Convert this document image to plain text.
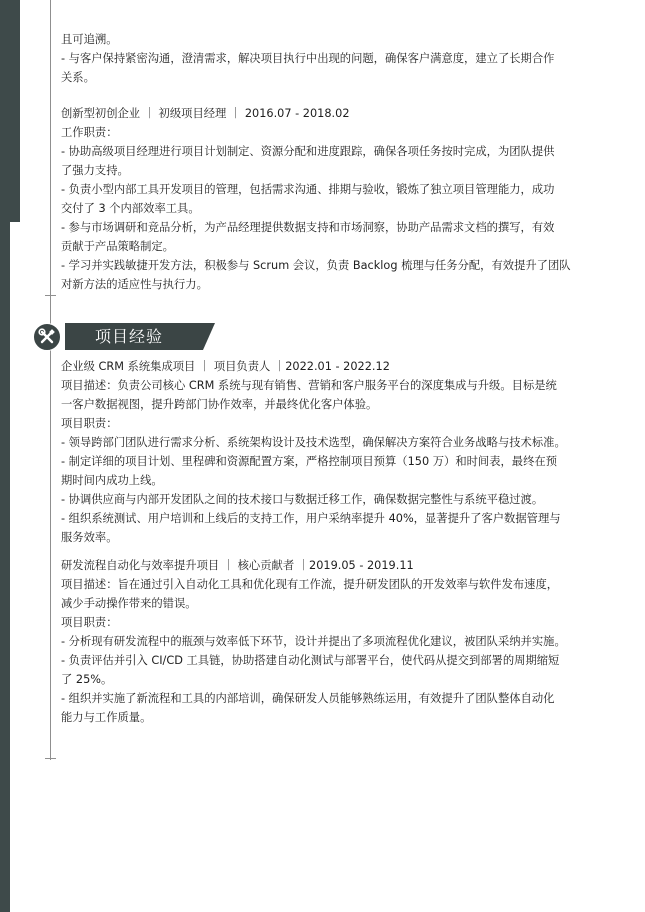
且可追溯。

- 与客户保持紧密沟通，澄清需求，解决项目执行中出现的问题，确保客户满意度，建立了长期合作

关系。

创新型初创企业 ｜ 初级项目经理 ｜ 2016.07 - 2018.02

工作职责：

- 协助高级项目经理进行项目计划制定、资源分配和进度跟踪，确保各项任务按时完成，为团队提供

了强力支持。

- 负责小型内部工具开发项目的管理，包括需求沟通、排期与验收，锻炼了独立项目管理能力，成功

交付了 3 个内部效率工具。

- 参与市场调研和竞品分析，为产品经理提供数据支持和市场洞察，协助产品需求文档的撰写，有效

贡献于产品策略制定。

- 学习并实践敏捷开发方法，积极参与 Scrum 会议，负责 Backlog 梳理与任务分配，有效提升了团队

对新方法的适应性与执行力。

项目经验

企业级 CRM 系统集成项目 ｜ 项目负责人 ｜2022.01 - 2022.12

项目描述：负责公司核心 CRM 系统与现有销售、营销和客户服务平台的深度集成与升级。目标是统

一客户数据视图，提升跨部门协作效率，并最终优化客户体验。

项目职责：

- 领导跨部门团队进行需求分析、系统架构设计及技术选型，确保解决方案符合业务战略与技术标准。

- 制定详细的项目计划、里程碑和资源配置方案，严格控制项目预算（150 万）和时间表，最终在预

期时间内成功上线。

- 协调供应商与内部开发团队之间的技术接口与数据迁移工作，确保数据完整性与系统平稳过渡。

- 组织系统测试、用户培训和上线后的支持工作，用户采纳率提升 40%，显著提升了客户数据管理与

服务效率。

研发流程自动化与效率提升项目 ｜ 核心贡献者 ｜2019.05 - 2019.11

项目描述：旨在通过引入自动化工具和优化现有工作流，提升研发团队的开发效率与软件发布速度，

减少手动操作带来的错误。

项目职责：

- 分析现有研发流程中的瓶颈与效率低下环节，设计并提出了多项流程优化建议，被团队采纳并实施。

- 负责评估并引入 CI/CD 工具链，协助搭建自动化测试与部署平台，使代码从提交到部署的周期缩短

了 25%。

- 组织并实施了新流程和工具的内部培训，确保研发人员能够熟练运用，有效提升了团队整体自动化

能力与工作质量。
